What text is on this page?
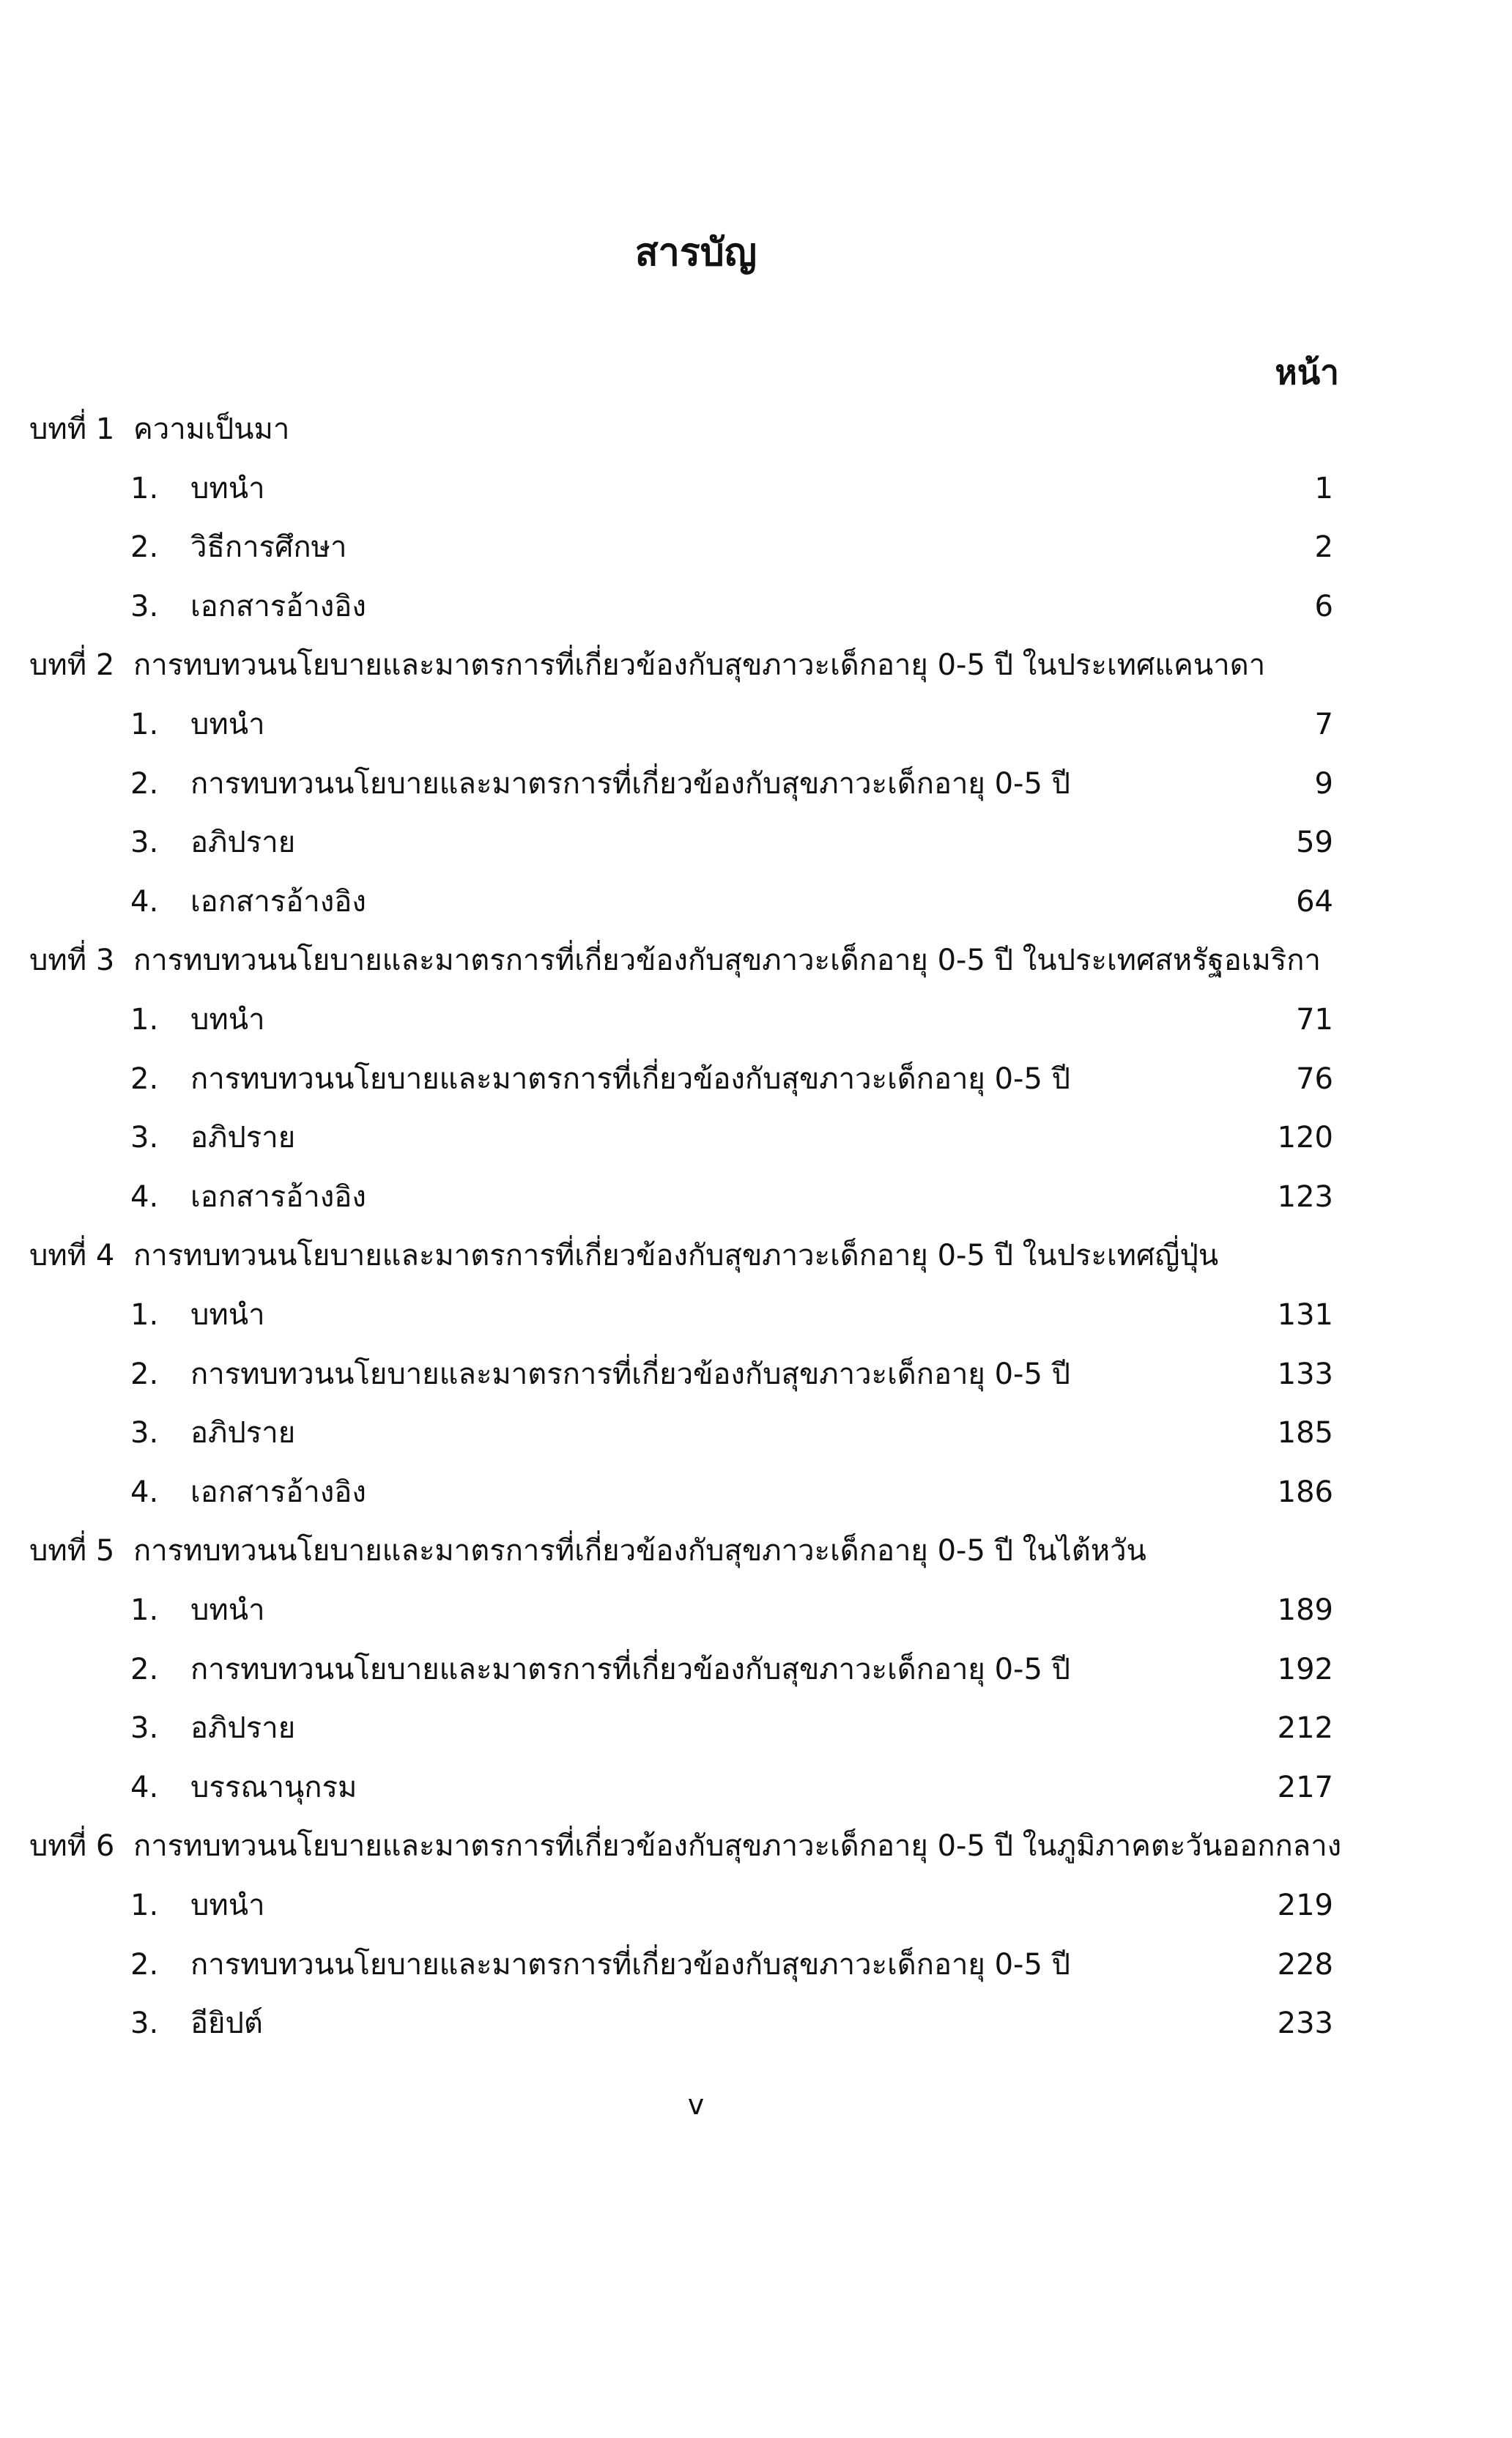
สารบัญ
หน้า
บทที่ 1 ความเป็นมา
1. บทนำ	1
2. วิธีการศึกษา	2
3. เอกสารอ้างอิง	6
บทที่ 2 การทบทวนนโยบายและมาตรการที่เกี่ยวข้องกับสุขภาวะเด็กอายุ 0-5 ปี ในประเทศแคนาดา
1. บทนำ	7
2. การทบทวนนโยบายและมาตรการที่เกี่ยวข้องกับสุขภาวะเด็กอายุ 0-5 ปี	9
3. อภิปราย	59
4. เอกสารอ้างอิง	64
บทที่ 3 การทบทวนนโยบายและมาตรการที่เกี่ยวข้องกับสุขภาวะเด็กอายุ 0-5 ปี ในประเทศสหรัฐอเมริกา
1. บทนำ	71
2. การทบทวนนโยบายและมาตรการที่เกี่ยวข้องกับสุขภาวะเด็กอายุ 0-5 ปี	76
3. อภิปราย	120
4. เอกสารอ้างอิง	123
บทที่ 4 การทบทวนนโยบายและมาตรการที่เกี่ยวข้องกับสุขภาวะเด็กอายุ 0-5 ปี ในประเทศญี่ปุ่น
1. บทนำ	131
2. การทบทวนนโยบายและมาตรการที่เกี่ยวข้องกับสุขภาวะเด็กอายุ 0-5 ปี	133
3. อภิปราย	185
4. เอกสารอ้างอิง	186
บทที่ 5 การทบทวนนโยบายและมาตรการที่เกี่ยวข้องกับสุขภาวะเด็กอายุ 0-5 ปี ในไต้หวัน
1. บทนำ	189
2. การทบทวนนโยบายและมาตรการที่เกี่ยวข้องกับสุขภาวะเด็กอายุ 0-5 ปี	192
3. อภิปราย	212
4. บรรณานุกรม	217
บทที่ 6 การทบทวนนโยบายและมาตรการที่เกี่ยวข้องกับสุขภาวะเด็กอายุ 0-5 ปี ในภูมิภาคตะวันออกกลาง
1. บทนำ	219
2. การทบทวนนโยบายและมาตรการที่เกี่ยวข้องกับสุขภาวะเด็กอายุ 0-5 ปี	228
3. อียิปต์	233
v
